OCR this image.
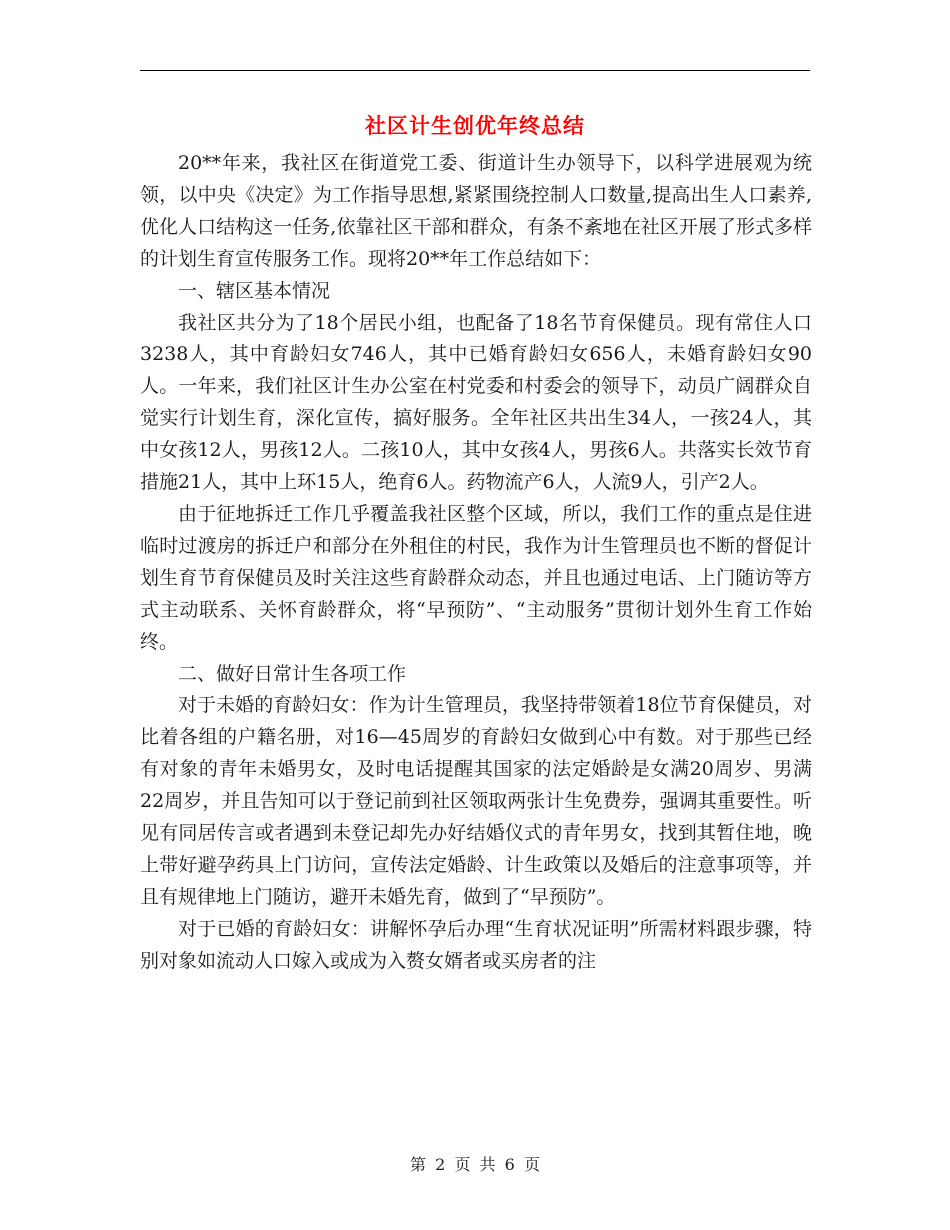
社区计生创优年终总结

20**年来，我社区在街道党工委、街道计生办领导下，以科学进展观为统领，以中央《决定》为工作指导思想,紧紧围绕控制人口数量,提高出生人口素养,优化人口结构这一任务,依靠社区干部和群众，有条不紊地在社区开展了形式多样的计划生育宣传服务工作。现将20**年工作总结如下：

一、辖区基本情况

我社区共分为了18个居民小组，也配备了18名节育保健员。现有常住人口3238人，其中育龄妇女746人，其中已婚育龄妇女656人，未婚育龄妇女90人。一年来，我们社区计生办公室在村党委和村委会的领导下，动员广阔群众自觉实行计划生育，深化宣传，搞好服务。全年社区共出生34人，一孩24人，其中女孩12人，男孩12人。二孩10人，其中女孩4人，男孩6人。共落实长效节育措施21人，其中上环15人，绝育6人。药物流产6人，人流9人，引产2人。

由于征地拆迁工作几乎覆盖我社区整个区域，所以，我们工作的重点是住进临时过渡房的拆迁户和部分在外租住的村民，我作为计生管理员也不断的督促计划生育节育保健员及时关注这些育龄群众动态，并且也通过电话、上门随访等方式主动联系、关怀育龄群众，将“早预防”、“主动服务”贯彻计划外生育工作始终。

二、做好日常计生各项工作

对于未婚的育龄妇女：作为计生管理员，我坚持带领着18位节育保健员，对比着各组的户籍名册，对16—45周岁的育龄妇女做到心中有数。对于那些已经有对象的青年未婚男女，及时电话提醒其国家的法定婚龄是女满20周岁、男满22周岁，并且告知可以于登记前到社区领取两张计生免费券，强调其重要性。听见有同居传言或者遇到未登记却先办好结婚仪式的青年男女，找到其暂住地，晚上带好避孕药具上门访问，宣传法定婚龄、计生政策以及婚后的注意事项等，并且有规律地上门随访，避开未婚先育，做到了“早预防”。

对于已婚的育龄妇女：讲解怀孕后办理“生育状况证明”所需材料跟步骤，特别对象如流动人口嫁入或成为入赘女婿者或买房者的注

第 2 页 共 6 页
